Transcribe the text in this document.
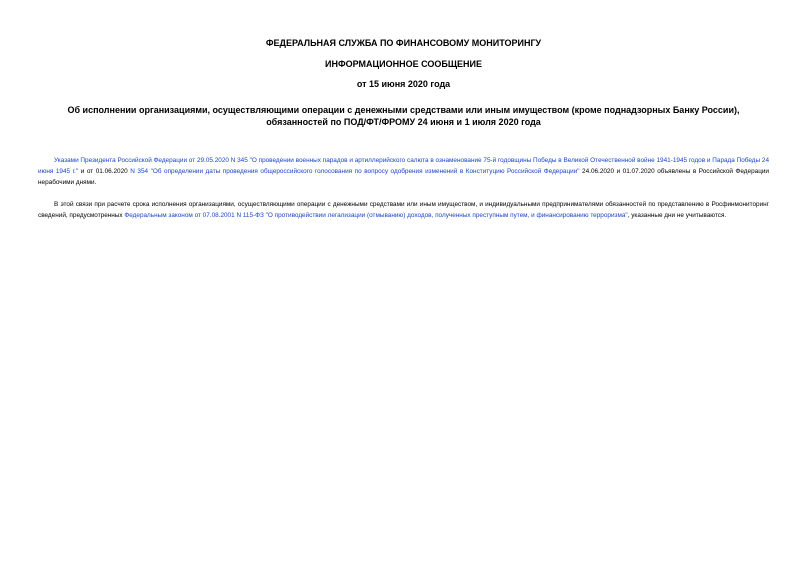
ФЕДЕРАЛЬНАЯ СЛУЖБА ПО ФИНАНСОВОМУ МОНИТОРИНГУ
ИНФОРМАЦИОННОЕ СООБЩЕНИЕ
от 15 июня 2020 года
Об исполнении организациями, осуществляющими операции с денежными средствами или иным имуществом (кроме поднадзорных Банку России), обязанностей по ПОД/ФТ/ФРОМУ 24 июня и 1 июля 2020 года

Указами Президента Российской Федерации от 29.05.2020 N 345 "О проведении военных парадов и артиллерийского салюта в ознаменование 75-й годовщины Победы в Великой Отечественной войне 1941-1945 годов и Парада Победы 24 июня 1945 г." и от 01.06.2020 N 354 "Об определении даты проведения общероссийского голосования по вопросу одобрения изменений в Конституцию Российской Федерации" 24.06.2020 и 01.07.2020 объявлены в Российской Федерации нерабочими днями.

В этой связи при расчете срока исполнения организациями, осуществляющими операции с денежными средствами или иным имуществом, и индивидуальными предпринимателями обязанностей по представлению в Росфинмониторинг сведений, предусмотренных Федеральным законом от 07.08.2001 N 115-ФЗ "О противодействии легализации (отмыванию) доходов, полученных преступным путем, и финансированию терроризма", указанные дни не учитываются.
